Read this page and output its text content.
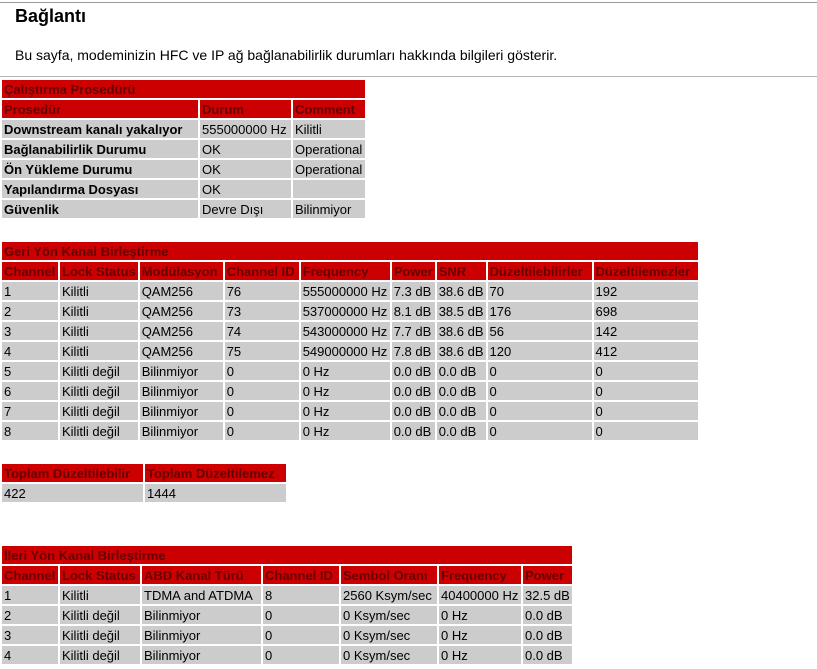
Bağlantı

Bu sayfa, modeminizin HFC ve IP ağ bağlanabilirlik durumları hakkında bilgileri gösterir.

Çalıştırma Prosedürü		
Prosedür	Durum	Comment
Downstream kanalı yakalıyor	555000000 Hz	Kilitli
Bağlanabilirlik Durumu	OK	Operational
Ön Yükleme Durumu	OK	Operational
Yapılandırma Dosyası	OK	
Güvenlik	Devre Dışı	Bilinmiyor
Geri Yön Kanal Birleştirme								
Channel	Lock Status	Modülasyon	Channel ID	Frequency	Power	SNR	Düzeltilebilirler	Düzeltilemezler
1	Kilitli	QAM256	76	555000000 Hz	7.3 dB	38.6 dB	70	192
2	Kilitli	QAM256	73	537000000 Hz	8.1 dB	38.5 dB	176	698
3	Kilitli	QAM256	74	543000000 Hz	7.7 dB	38.6 dB	56	142
4	Kilitli	QAM256	75	549000000 Hz	7.8 dB	38.6 dB	120	412
5	Kilitli değil	Bilinmiyor	0	0 Hz	0.0 dB	0.0 dB	0	0
6	Kilitli değil	Bilinmiyor	0	0 Hz	0.0 dB	0.0 dB	0	0
7	Kilitli değil	Bilinmiyor	0	0 Hz	0.0 dB	0.0 dB	0	0
8	Kilitli değil	Bilinmiyor	0	0 Hz	0.0 dB	0.0 dB	0	0
Toplam Düzeltilebilir	Toplam Düzeltilemez
422	1444
İleri Yön Kanal Birleştirme						
Channel	Lock Status	ABD Kanal Türü	Channel ID	Sembol Oranı	Frequency	Power
1	Kilitli	TDMA and ATDMA	8	2560 Ksym/sec	40400000 Hz	32.5 dB
2	Kilitli değil	Bilinmiyor	0	0 Ksym/sec	0 Hz	0.0 dB
3	Kilitli değil	Bilinmiyor	0	0 Ksym/sec	0 Hz	0.0 dB
4	Kilitli değil	Bilinmiyor	0	0 Ksym/sec	0 Hz	0.0 dB
